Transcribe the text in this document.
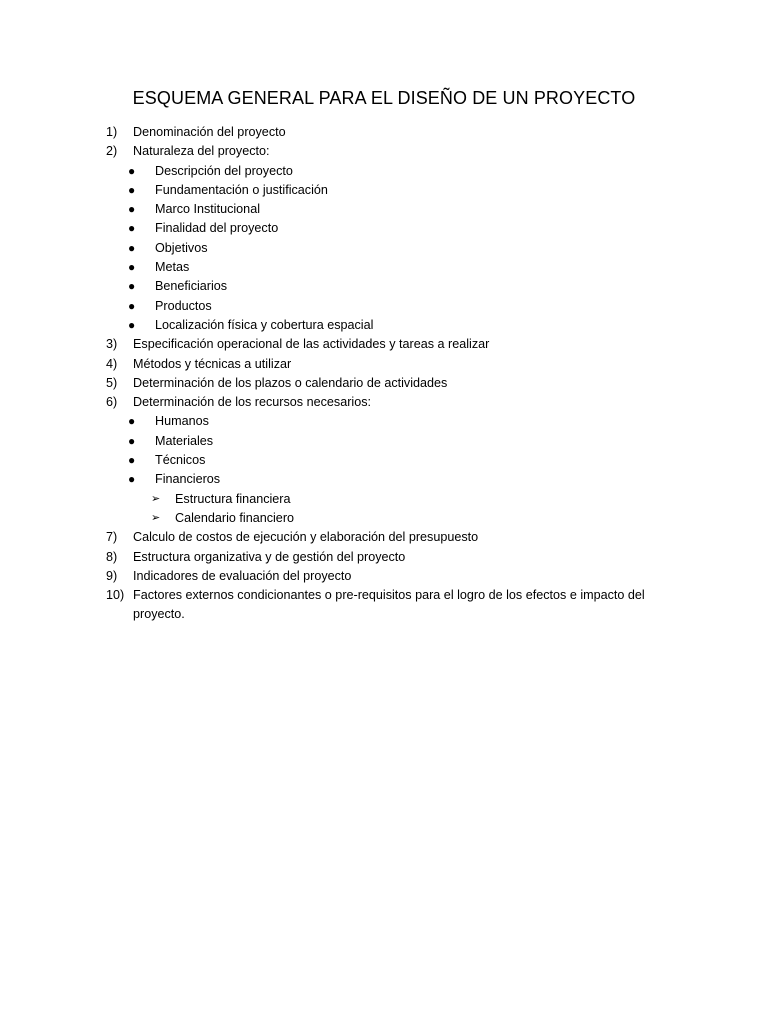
ESQUEMA GENERAL PARA EL DISEÑO DE UN PROYECTO
1)	Denominación del proyecto
2)	Naturaleza del proyecto:
●	Descripción del proyecto
●	Fundamentación o justificación
●	Marco Institucional
●	Finalidad del proyecto
●	Objetivos
●	Metas
●	Beneficiarios
●	Productos
●	Localización física y cobertura espacial
3)	Especificación operacional de las actividades y tareas a realizar
4)	Métodos y técnicas a utilizar
5)	Determinación de los plazos o calendario de actividades
6)	Determinación de los recursos necesarios:
●	Humanos
●	Materiales
●	Técnicos
●	Financieros
➢	Estructura financiera
➢	Calendario financiero
7)	Calculo de costos de ejecución y elaboración del presupuesto
8)	Estructura organizativa y de gestión del proyecto
9)	Indicadores de evaluación del proyecto
10) Factores externos condicionantes o pre-requisitos para el logro de los efectos e impacto del proyecto.
